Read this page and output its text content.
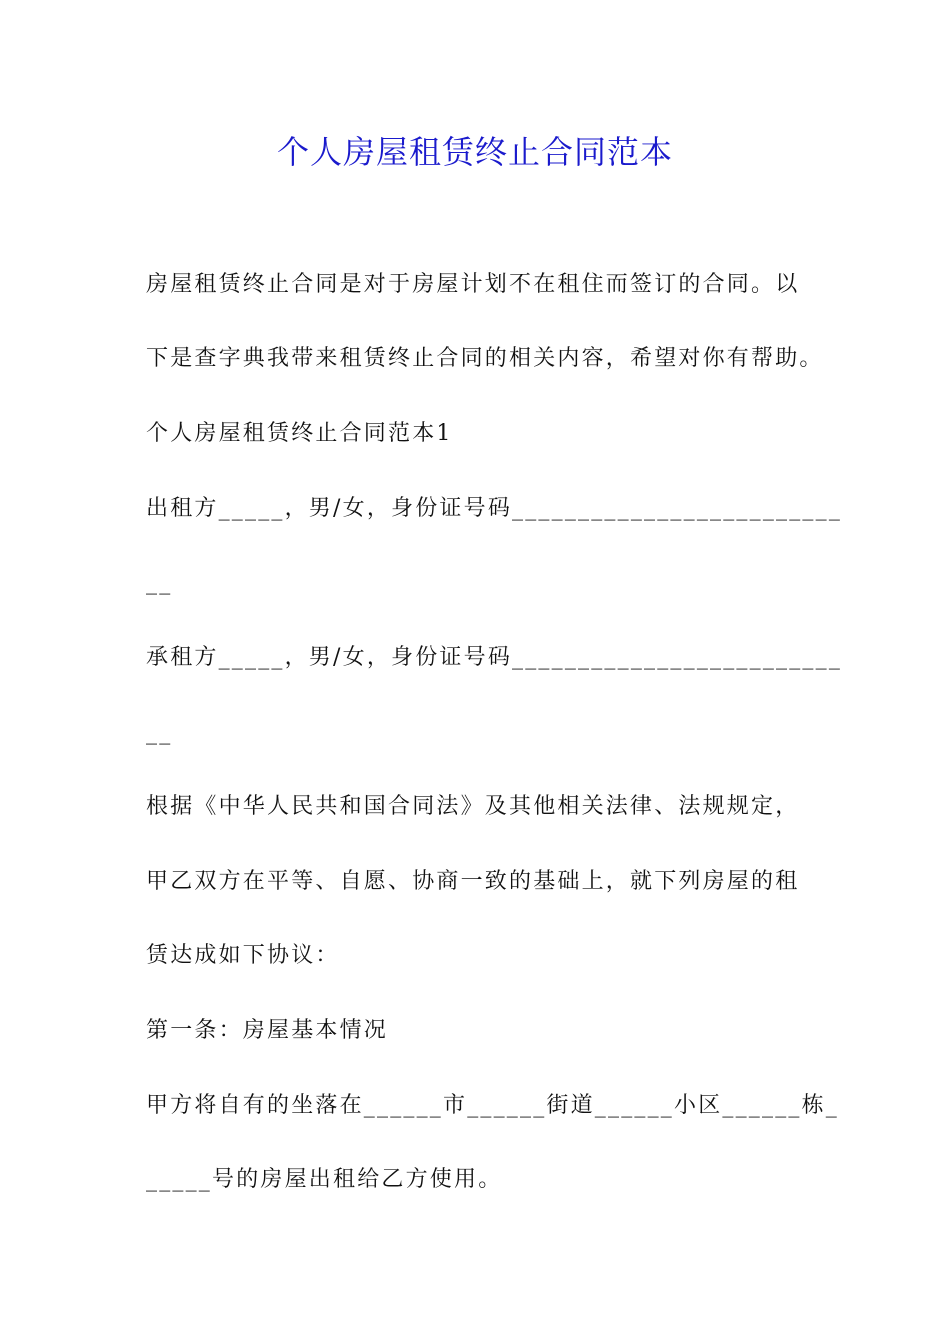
个人房屋租赁终止合同范本
房屋租赁终止合同是对于房屋计划不在租住而签订的合同。以
下是查字典我带来租赁终止合同的相关内容，希望对你有帮助。
个人房屋租赁终止合同范本1
出租方_____，男/女，身份证号码_________________________
__
承租方_____，男/女，身份证号码_________________________
__
根据《中华人民共和国合同法》及其他相关法律、法规规定，
甲乙双方在平等、自愿、协商一致的基础上，就下列房屋的租
赁达成如下协议：
第一条：房屋基本情况
甲方将自有的坐落在______市______街道______小区______栋_
_____号的房屋出租给乙方使用。
